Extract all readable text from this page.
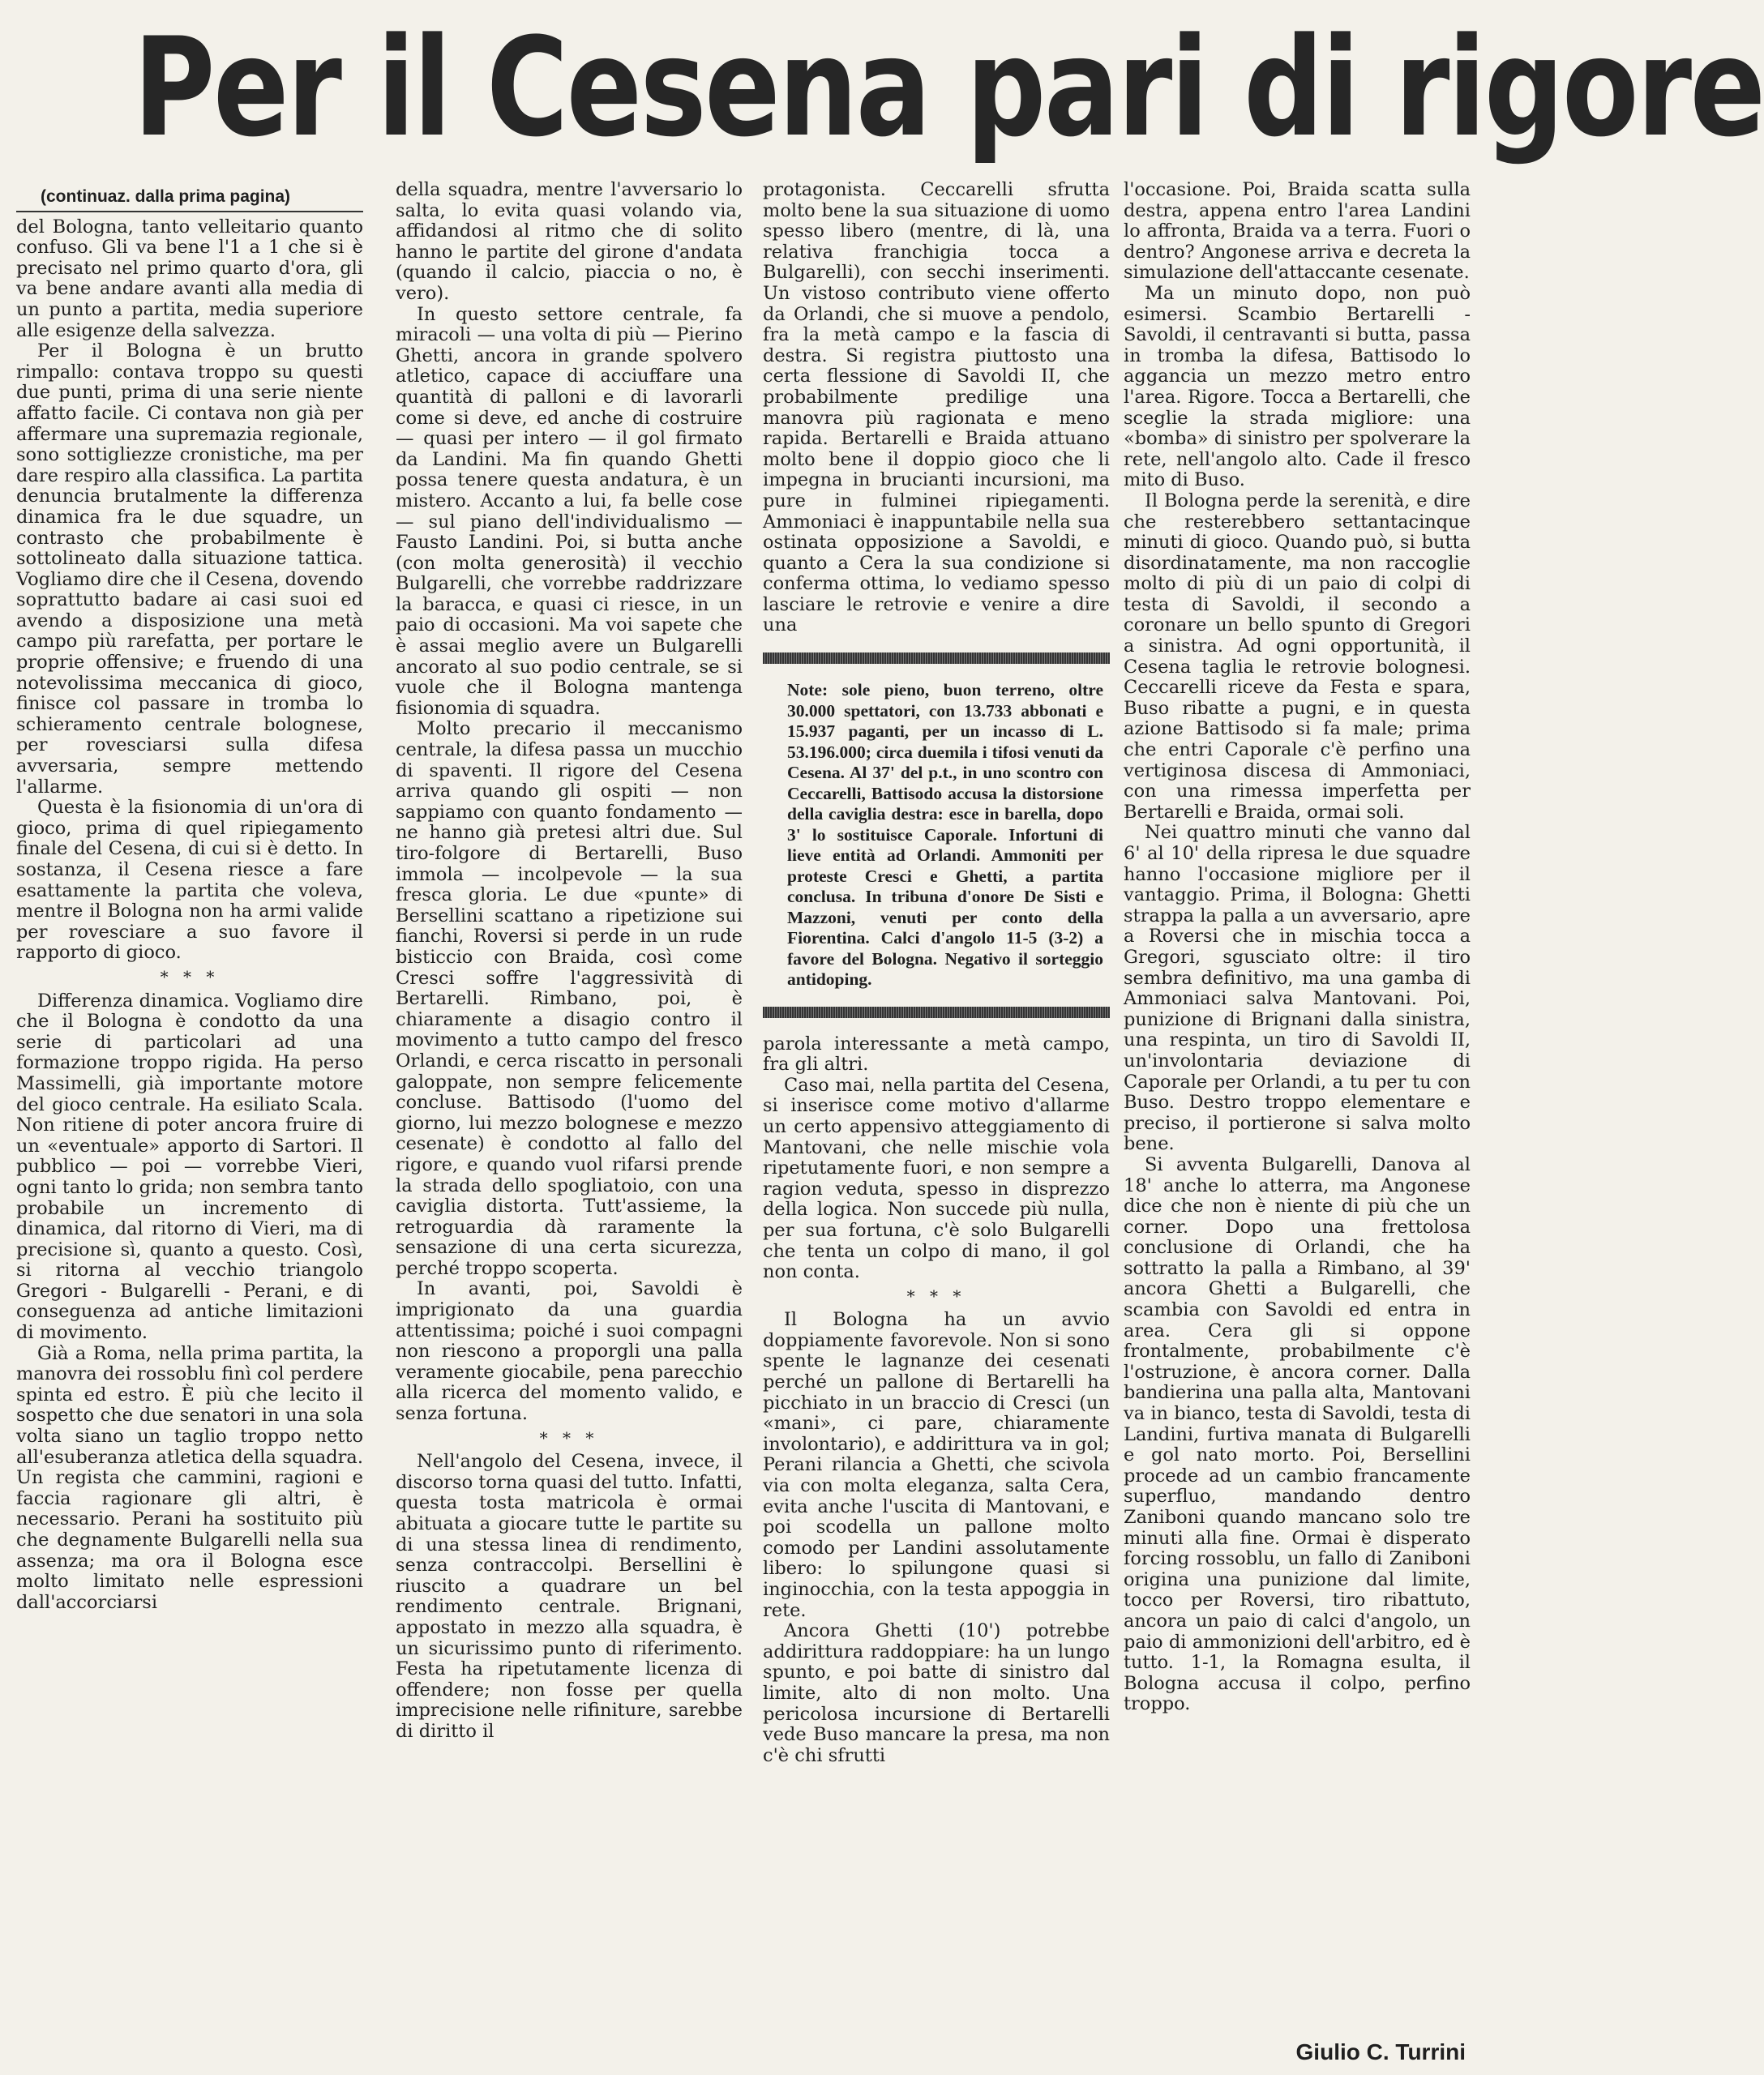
Per il Cesena pari di rigore
(continuaz. dalla prima pagina)

del Bologna, tanto velleitario quanto confuso. Gli va bene l'1 a 1 che si è precisato nel primo quarto d'ora, gli va bene andare avanti alla media di un punto a partita, media superiore alle esigenze della salvezza.

Per il Bologna è un brutto rimpallo: contava troppo su questi due punti, prima di una serie niente affatto facile. Ci contava non già per affermare una supremazia regionale, sono sottigliezze cronistiche, ma per dare respiro alla classifica. La partita denuncia brutalmente la differenza dinamica fra le due squadre, un contrasto che probabilmente è sottolineato dalla situazione tattica. Vogliamo dire che il Cesena, dovendo soprattutto badare ai casi suoi ed avendo a disposizione una metà campo più rarefatta, per portare le proprie offensive; e fruendo di una notevolissima meccanica di gioco, finisce col passare in tromba lo schieramento centrale bolognese, per rovesciarsi sulla difesa avversaria, sempre mettendo l'allarme.

Questa è la fisionomia di un'ora di gioco, prima di quel ripiegamento finale del Cesena, di cui si è detto. In sostanza, il Cesena riesce a fare esattamente la partita che voleva, mentre il Bologna non ha armi valide per rovesciare a suo favore il rapporto di gioco.

* * *

Differenza dinamica. Vogliamo dire che il Bologna è condotto da una serie di particolari ad una formazione troppo rigida. Ha perso Massimelli, già importante motore del gioco centrale. Ha esiliato Scala. Non ritiene di poter ancora fruire di un «eventuale» apporto di Sartori. Il pubblico — poi — vorrebbe Vieri, ogni tanto lo grida; non sembra tanto probabile un incremento di dinamica, dal ritorno di Vieri, ma di precisione sì, quanto a questo. Così, si ritorna al vecchio triangolo Gregori - Bulgarelli - Perani, e di conseguenza ad antiche limitazioni di movimento.

Già a Roma, nella prima partita, la manovra dei rossoblu finì col perdere spinta ed estro. È più che lecito il sospetto che due senatori in una sola volta siano un taglio troppo netto all'esuberanza atletica della squadra. Un regista che cammini, ragioni e faccia ragionare gli altri, è necessario. Perani ha sostituito più che degnamente Bulgarelli nella sua assenza; ma ora il Bologna esce molto limitato nelle espressioni dall'accorciarsi

della squadra, mentre l'avversario lo salta, lo evita quasi volando via, affidandosi al ritmo che di solito hanno le partite del girone d'andata (quando il calcio, piaccia o no, è vero).

In questo settore centrale, fa miracoli — una volta di più — Pierino Ghetti, ancora in grande spolvero atletico, capace di acciuffare una quantità di palloni e di lavorarli come si deve, ed anche di costruire — quasi per intero — il gol firmato da Landini. Ma fin quando Ghetti possa tenere questa andatura, è un mistero. Accanto a lui, fa belle cose — sul piano dell'individualismo — Fausto Landini. Poi, si butta anche (con molta generosità) il vecchio Bulgarelli, che vorrebbe raddrizzare la baracca, e quasi ci riesce, in un paio di occasioni. Ma voi sapete che è assai meglio avere un Bulgarelli ancorato al suo podio centrale, se si vuole che il Bologna mantenga fisionomia di squadra.

Molto precario il meccanismo centrale, la difesa passa un mucchio di spaventi. Il rigore del Cesena arriva quando gli ospiti — non sappiamo con quanto fondamento — ne hanno già pretesi altri due. Sul tiro-folgore di Bertarelli, Buso immola — incolpevole — la sua fresca gloria. Le due «punte» di Bersellini scattano a ripetizione sui fianchi, Roversi si perde in un rude bisticcio con Braida, così come Cresci soffre l'aggressività di Bertarelli. Rimbano, poi, è chiaramente a disagio contro il movimento a tutto campo del fresco Orlandi, e cerca riscatto in personali galoppate, non sempre felicemente concluse. Battisodo (l'uomo del giorno, lui mezzo bolognese e mezzo cesenate) è condotto al fallo del rigore, e quando vuol rifarsi prende la strada dello spogliatoio, con una caviglia distorta. Tutt'assieme, la retroguardia dà raramente la sensazione di una certa sicurezza, perché troppo scoperta.

In avanti, poi, Savoldi è imprigionato da una guardia attentissima; poiché i suoi compagni non riescono a proporgli una palla veramente giocabile, pena parecchio alla ricerca del momento valido, e senza fortuna.

* * *

Nell'angolo del Cesena, invece, il discorso torna quasi del tutto. Infatti, questa tosta matricola è ormai abituata a giocare tutte le partite su di una stessa linea di rendimento, senza contraccolpi. Bersellini è riuscito a quadrare un bel rendimento centrale. Brignani, appostato in mezzo alla squadra, è un sicurissimo punto di riferimento. Festa ha ripetutamente licenza di offendere; non fosse per quella imprecisione nelle rifiniture, sarebbe di diritto il

protagonista. Ceccarelli sfrutta molto bene la sua situazione di uomo spesso libero (mentre, di là, una relativa franchigia tocca a Bulgarelli), con secchi inserimenti. Un vistoso contributo viene offerto da Orlandi, che si muove a pendolo, fra la metà campo e la fascia di destra. Si registra piuttosto una certa flessione di Savoldi II, che probabilmente predilige una manovra più ragionata e meno rapida. Bertarelli e Braida attuano molto bene il doppio gioco che li impegna in brucianti incursioni, ma pure in fulminei ripiegamenti. Ammoniaci è inappuntabile nella sua ostinata opposizione a Savoldi, e quanto a Cera la sua condizione si conferma ottima, lo vediamo spesso lasciare le retrovie e venire a dire una

Note: sole pieno, buon terreno, oltre 30.000 spettatori, con 13.733 abbonati e 15.937 paganti, per un incasso di L. 53.196.000; circa duemila i tifosi venuti da Cesena. Al 37' del p.t., in uno scontro con Ceccarelli, Battisodo accusa la distorsione della caviglia destra: esce in barella, dopo 3' lo sostituisce Caporale. Infortuni di lieve entità ad Orlandi. Ammoniti per proteste Cresci e Ghetti, a partita conclusa. In tribuna d'onore De Sisti e Mazzoni, venuti per conto della Fiorentina. Calci d'angolo 11-5 (3-2) a favore del Bologna. Negativo il sorteggio antidoping.

parola interessante a metà campo, fra gli altri.

Caso mai, nella partita del Cesena, si inserisce come motivo d'allarme un certo appensivo atteggiamento di Mantovani, che nelle mischie vola ripetutamente fuori, e non sempre a ragion veduta, spesso in disprezzo della logica. Non succede più nulla, per sua fortuna, c'è solo Bulgarelli che tenta un colpo di mano, il gol non conta.

* * *

Il Bologna ha un avvio doppiamente favorevole. Non si sono spente le lagnanze dei cesenati perché un pallone di Bertarelli ha picchiato in un braccio di Cresci (un «mani», ci pare, chiaramente involontario), e addirittura va in gol; Perani rilancia a Ghetti, che scivola via con molta eleganza, salta Cera, evita anche l'uscita di Mantovani, e poi scodella un pallone molto comodo per Landini assolutamente libero: lo spilungone quasi si inginocchia, con la testa appoggia in rete.

Ancora Ghetti (10') potrebbe addirittura raddoppiare: ha un lungo spunto, e poi batte di sinistro dal limite, alto di non molto. Una pericolosa incursione di Bertarelli vede Buso mancare la presa, ma non c'è chi sfrutti

l'occasione. Poi, Braida scatta sulla destra, appena entro l'area Landini lo affronta, Braida va a terra. Fuori o dentro? Angonese arriva e decreta la simulazione dell'attaccante cesenate.

Ma un minuto dopo, non può esimersi. Scambio Bertarelli - Savoldi, il centravanti si butta, passa in tromba la difesa, Battisodo lo aggancia un mezzo metro entro l'area. Rigore. Tocca a Bertarelli, che sceglie la strada migliore: una «bomba» di sinistro per spolverare la rete, nell'angolo alto. Cade il fresco mito di Buso.

Il Bologna perde la serenità, e dire che resterebbero settantacinque minuti di gioco. Quando può, si butta disordinatamente, ma non raccoglie molto di più di un paio di colpi di testa di Savoldi, il secondo a coronare un bello spunto di Gregori a sinistra. Ad ogni opportunità, il Cesena taglia le retrovie bolognesi. Ceccarelli riceve da Festa e spara, Buso ribatte a pugni, e in questa azione Battisodo si fa male; prima che entri Caporale c'è perfino una vertiginosa discesa di Ammoniaci, con una rimessa imperfetta per Bertarelli e Braida, ormai soli.

Nei quattro minuti che vanno dal 6' al 10' della ripresa le due squadre hanno l'occasione migliore per il vantaggio. Prima, il Bologna: Ghetti strappa la palla a un avversario, apre a Roversi che in mischia tocca a Gregori, sgusciato oltre: il tiro sembra definitivo, ma una gamba di Ammoniaci salva Mantovani. Poi, punizione di Brignani dalla sinistra, una respinta, un tiro di Savoldi II, un'involontaria deviazione di Caporale per Orlandi, a tu per tu con Buso. Destro troppo elementare e preciso, il portierone si salva molto bene.

Si avventa Bulgarelli, Danova al 18' anche lo atterra, ma Angonese dice che non è niente di più che un corner. Dopo una frettolosa conclusione di Orlandi, che ha sottratto la palla a Rimbano, al 39' ancora Ghetti a Bulgarelli, che scambia con Savoldi ed entra in area. Cera gli si oppone frontalmente, probabilmente c'è l'ostruzione, è ancora corner. Dalla bandierina una palla alta, Mantovani va in bianco, testa di Savoldi, testa di Landini, furtiva manata di Bulgarelli e gol nato morto. Poi, Bersellini procede ad un cambio francamente superfluo, mandando dentro Zaniboni quando mancano solo tre minuti alla fine. Ormai è disperato forcing rossoblu, un fallo di Zaniboni origina una punizione dal limite, tocco per Roversi, tiro ribattuto, ancora un paio di calci d'angolo, un paio di ammonizioni dell'arbitro, ed è tutto. 1-1, la Romagna esulta, il Bologna accusa il colpo, perfino troppo.

Giulio C. Turrini
